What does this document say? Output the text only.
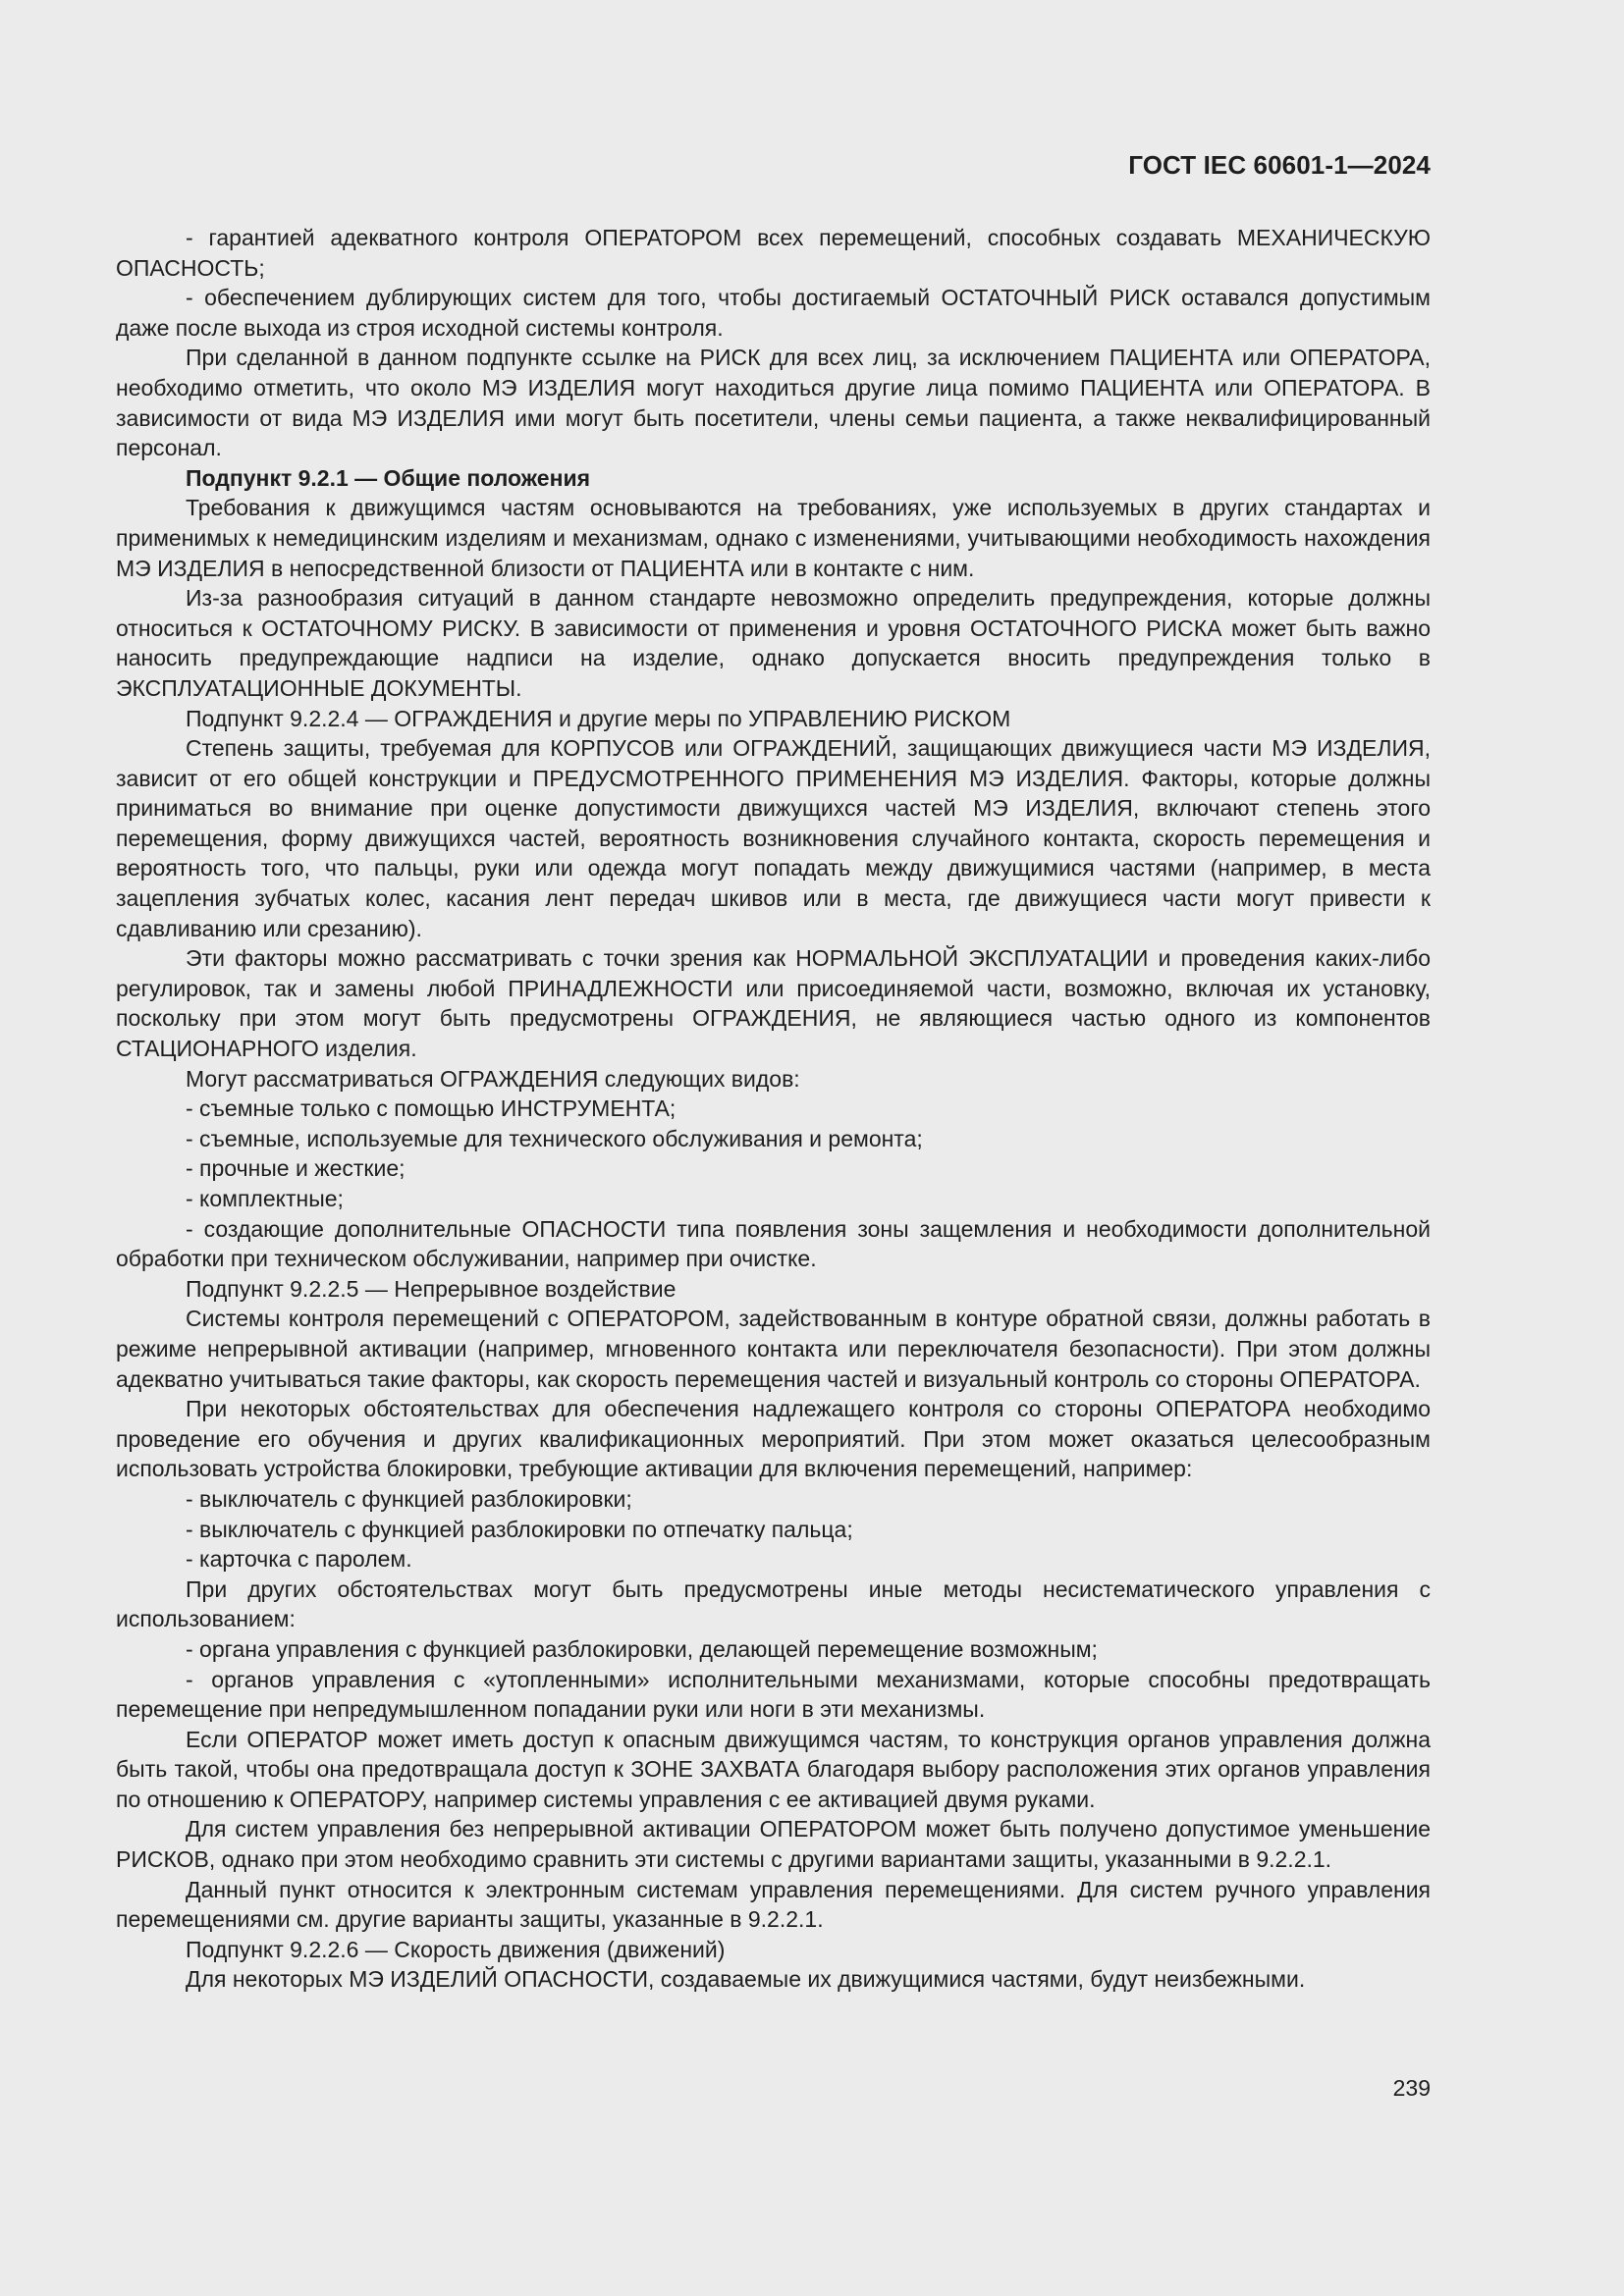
ГОСТ IEC 60601-1—2024

- гарантией адекватного контроля ОПЕРАТОРОМ всех перемещений, способных создавать МЕХАНИЧЕСКУЮ ОПАСНОСТЬ;

- обеспечением дублирующих систем для того, чтобы достигаемый ОСТАТОЧНЫЙ РИСК оставался допустимым даже после выхода из строя исходной системы контроля.

При сделанной в данном подпункте ссылке на РИСК для всех лиц, за исключением ПАЦИЕНТА или ОПЕРАТОРА, необходимо отметить, что около МЭ ИЗДЕЛИЯ могут находиться другие лица помимо ПАЦИЕНТА или ОПЕРАТОРА. В зависимости от вида МЭ ИЗДЕЛИЯ ими могут быть посетители, члены семьи пациента, а также неквалифицированный персонал.

Подпункт 9.2.1 — Общие положения

Требования к движущимся частям основываются на требованиях, уже используемых в других стандартах и применимых к немедицинским изделиям и механизмам, однако с изменениями, учитывающими необходимость нахождения МЭ ИЗДЕЛИЯ в непосредственной близости от ПАЦИЕНТА или в контакте с ним.

Из-за разнообразия ситуаций в данном стандарте невозможно определить предупреждения, которые должны относиться к ОСТАТОЧНОМУ РИСКУ. В зависимости от применения и уровня ОСТАТОЧНОГО РИСКА может быть важно наносить предупреждающие надписи на изделие, однако допускается вносить предупреждения только в ЭКСПЛУАТАЦИОННЫЕ ДОКУМЕНТЫ.

Подпункт 9.2.2.4 — ОГРАЖДЕНИЯ и другие меры по УПРАВЛЕНИЮ РИСКОМ

Степень защиты, требуемая для КОРПУСОВ или ОГРАЖДЕНИЙ, защищающих движущиеся части МЭ ИЗДЕЛИЯ, зависит от его общей конструкции и ПРЕДУСМОТРЕННОГО ПРИМЕНЕНИЯ МЭ ИЗДЕЛИЯ. Факторы, которые должны приниматься во внимание при оценке допустимости движущихся частей МЭ ИЗДЕЛИЯ, включают степень этого перемещения, форму движущихся частей, вероятность возникновения случайного контакта, скорость перемещения и вероятность того, что пальцы, руки или одежда могут попадать между движущимися частями (например, в места зацепления зубчатых колес, касания лент передач шкивов или в места, где движущиеся части могут привести к сдавливанию или срезанию).

Эти факторы можно рассматривать с точки зрения как НОРМАЛЬНОЙ ЭКСПЛУАТАЦИИ и проведения каких-либо регулировок, так и замены любой ПРИНАДЛЕЖНОСТИ или присоединяемой части, возможно, включая их установку, поскольку при этом могут быть предусмотрены ОГРАЖДЕНИЯ, не являющиеся частью одного из компонентов СТАЦИОНАРНОГО изделия.

Могут рассматриваться ОГРАЖДЕНИЯ следующих видов:

- съемные только с помощью ИНСТРУМЕНТА;

- съемные, используемые для технического обслуживания и ремонта;

- прочные и жесткие;

- комплектные;

- создающие дополнительные ОПАСНОСТИ типа появления зоны защемления и необходимости дополнительной обработки при техническом обслуживании, например при очистке.

Подпункт 9.2.2.5 — Непрерывное воздействие

Системы контроля перемещений с ОПЕРАТОРОМ, задействованным в контуре обратной связи, должны работать в режиме непрерывной активации (например, мгновенного контакта или переключателя безопасности). При этом должны адекватно учитываться такие факторы, как скорость перемещения частей и визуальный контроль со стороны ОПЕРАТОРА.

При некоторых обстоятельствах для обеспечения надлежащего контроля со стороны ОПЕРАТОРА необходимо проведение его обучения и других квалификационных мероприятий. При этом может оказаться целесообразным использовать устройства блокировки, требующие активации для включения перемещений, например:

- выключатель с функцией разблокировки;

- выключатель с функцией разблокировки по отпечатку пальца;

- карточка с паролем.

При других обстоятельствах могут быть предусмотрены иные методы несистематического управления с использованием:

- органа управления с функцией разблокировки, делающей перемещение возможным;

- органов управления с «утопленными» исполнительными механизмами, которые способны предотвращать перемещение при непредумышленном попадании руки или ноги в эти механизмы.

Если ОПЕРАТОР может иметь доступ к опасным движущимся частям, то конструкция органов управления должна быть такой, чтобы она предотвращала доступ к ЗОНЕ ЗАХВАТА благодаря выбору расположения этих органов управления по отношению к ОПЕРАТОРУ, например системы управления с ее активацией двумя руками.

Для систем управления без непрерывной активации ОПЕРАТОРОМ может быть получено допустимое уменьшение РИСКОВ, однако при этом необходимо сравнить эти системы с другими вариантами защиты, указанными в 9.2.2.1.

Данный пункт относится к электронным системам управления перемещениями. Для систем ручного управления перемещениями см. другие варианты защиты, указанные в 9.2.2.1.

Подпункт 9.2.2.6 — Скорость движения (движений)

Для некоторых МЭ ИЗДЕЛИЙ ОПАСНОСТИ, создаваемые их движущимися частями, будут неизбежными.

239
